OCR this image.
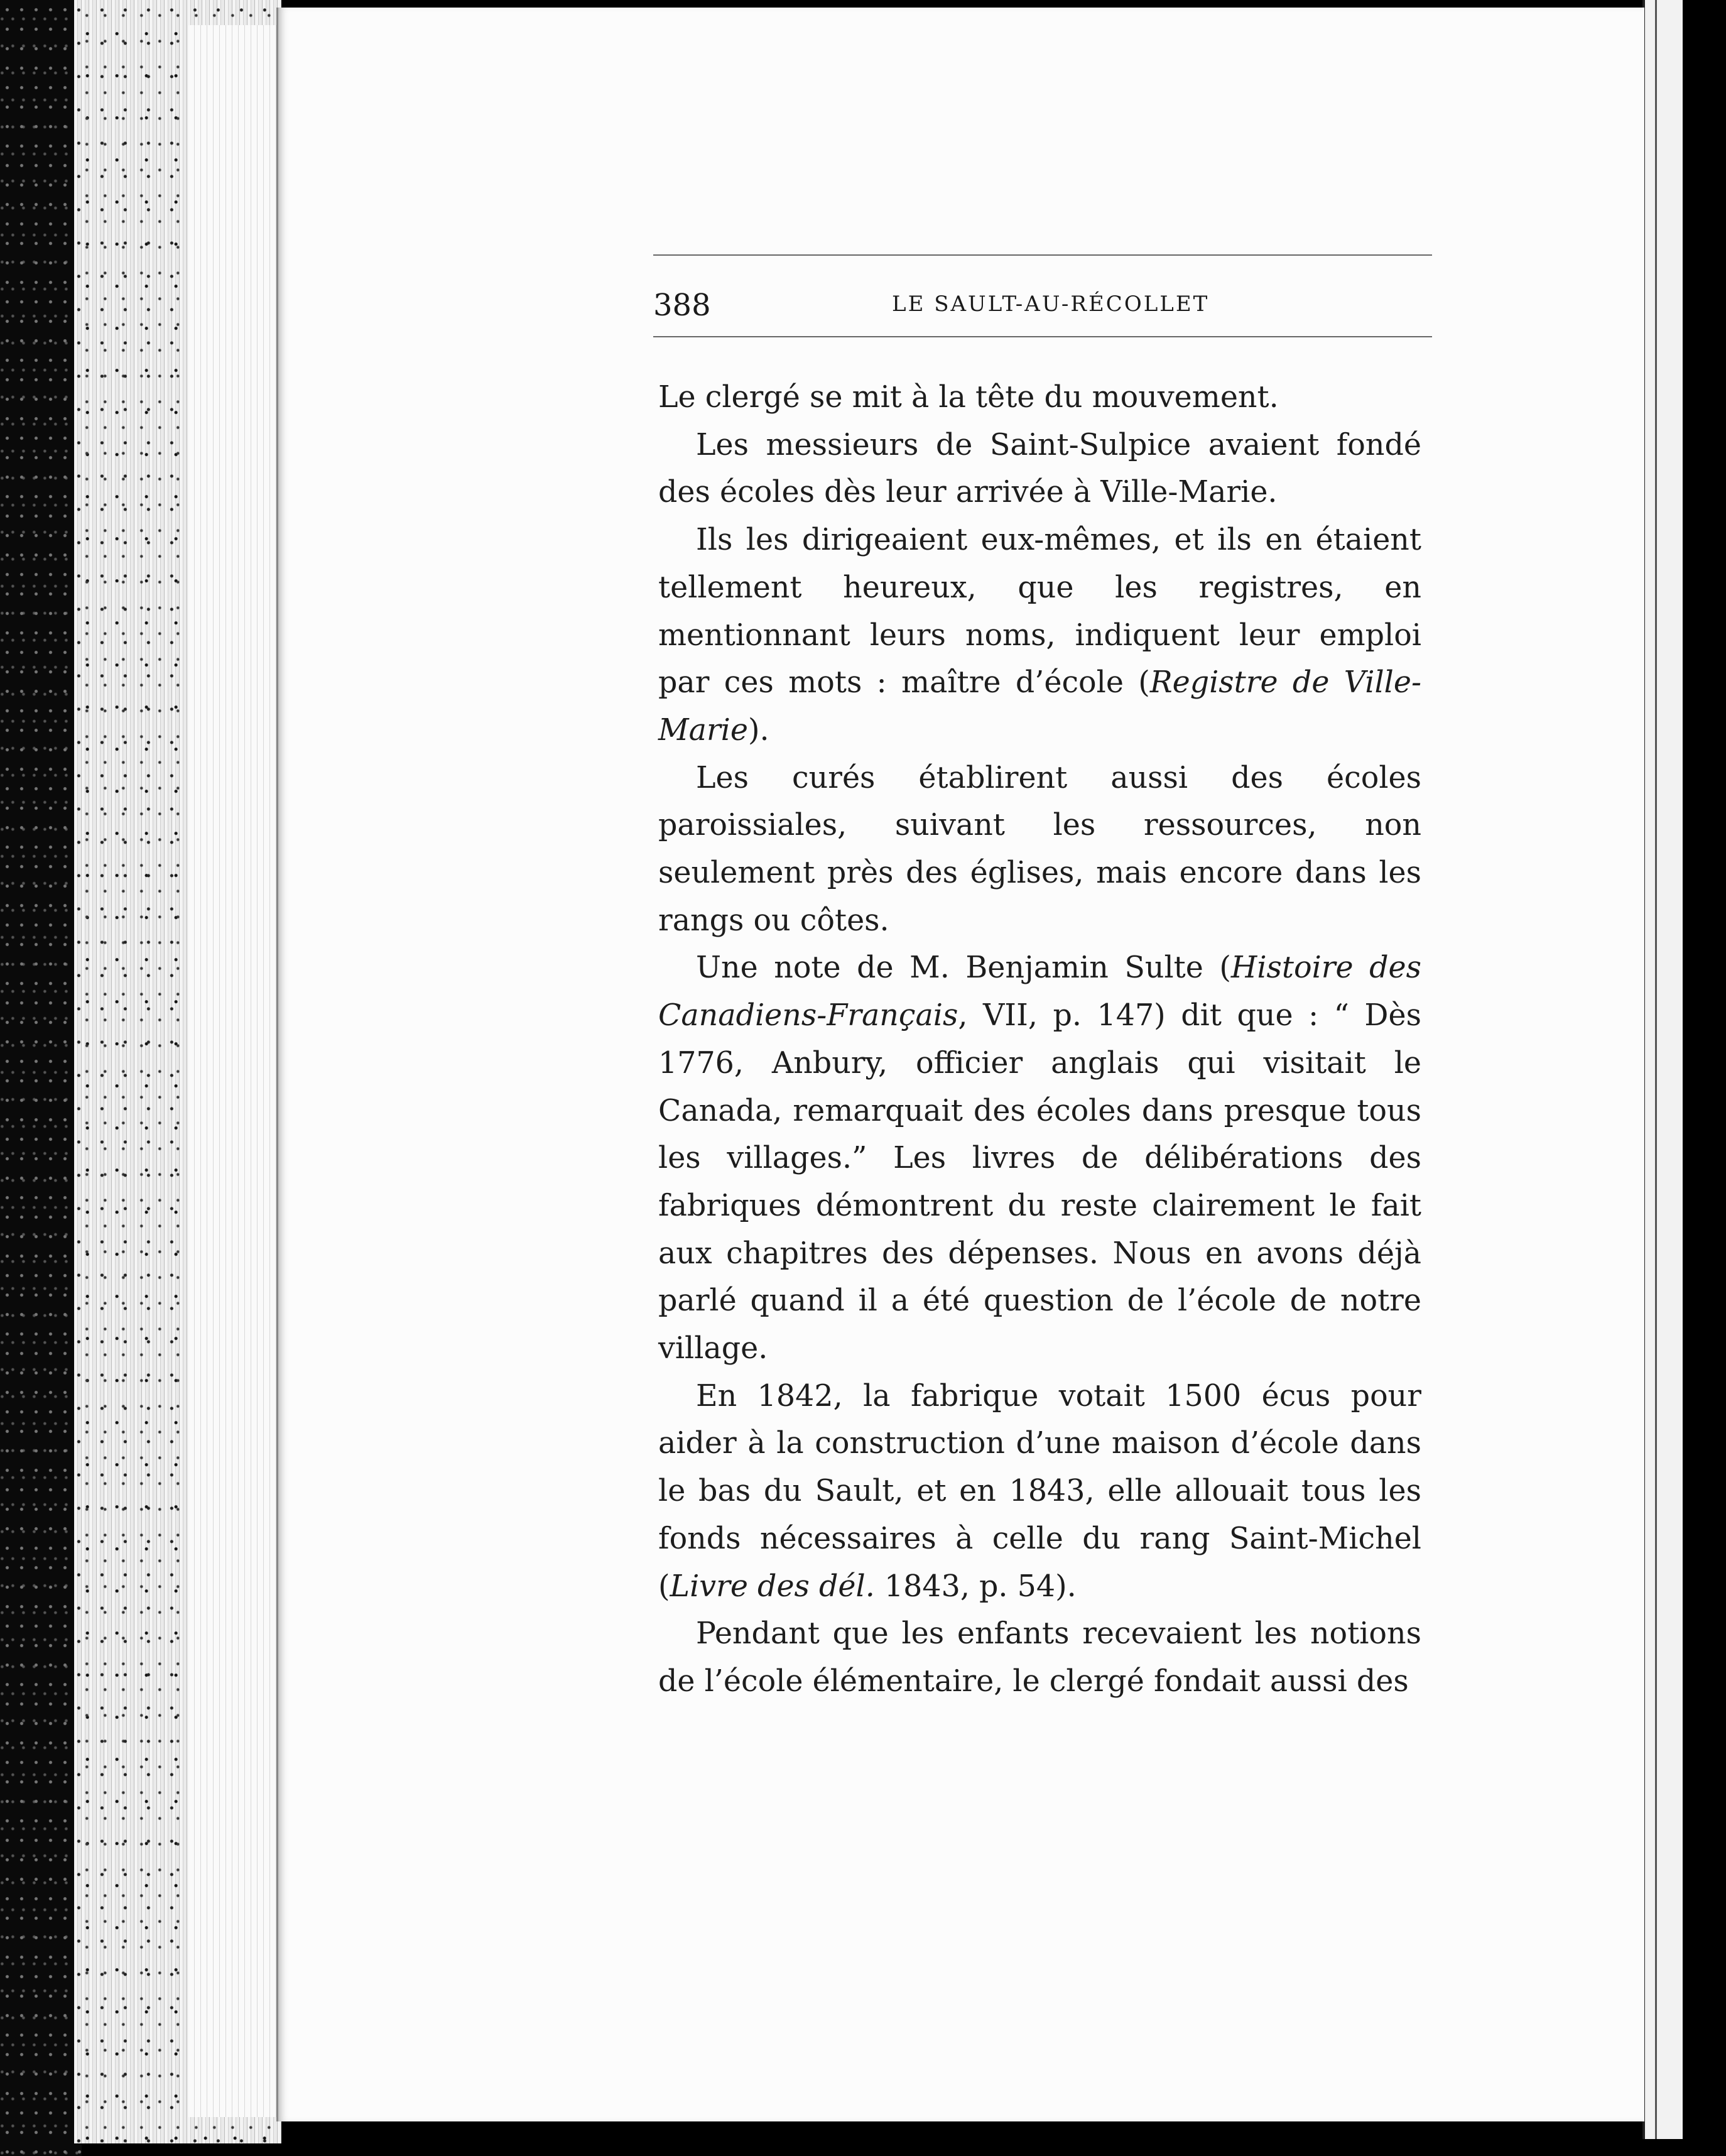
388	LE SAULT-AU-RÉCOLLET

Le clergé se mit à la tête du mouvement.

Les messieurs de Saint-Sulpice avaient fondé des écoles dès leur arrivée à Ville-Marie.

Ils les dirigeaient eux-mêmes, et ils en étaient tellement heureux, que les registres, en mentionnant leurs noms, indiquent leur emploi par ces mots : maître d’école (Registre de Ville-Marie).

Les curés établirent aussi des écoles paroissiales, suivant les ressources, non seulement près des églises, mais encore dans les rangs ou côtes.

Une note de M. Benjamin Sulte (Histoire des Canadiens-Français, VII, p. 147) dit que : “ Dès 1776, Anbury, officier anglais qui visitait le Canada, remarquait des écoles dans presque tous les villages.” Les livres de délibérations des fabriques démontrent du reste clairement le fait aux chapitres des dépenses. Nous en avons déjà parlé quand il a été question de l’école de notre village.

En 1842, la fabrique votait 1500 écus pour aider à la construction d’une maison d’école dans le bas du Sault, et en 1843, elle allouait tous les fonds nécessaires à celle du rang Saint-Michel (Livre des dél. 1843, p. 54).

Pendant que les enfants recevaient les notions de l’école élémentaire, le clergé fondait aussi des
